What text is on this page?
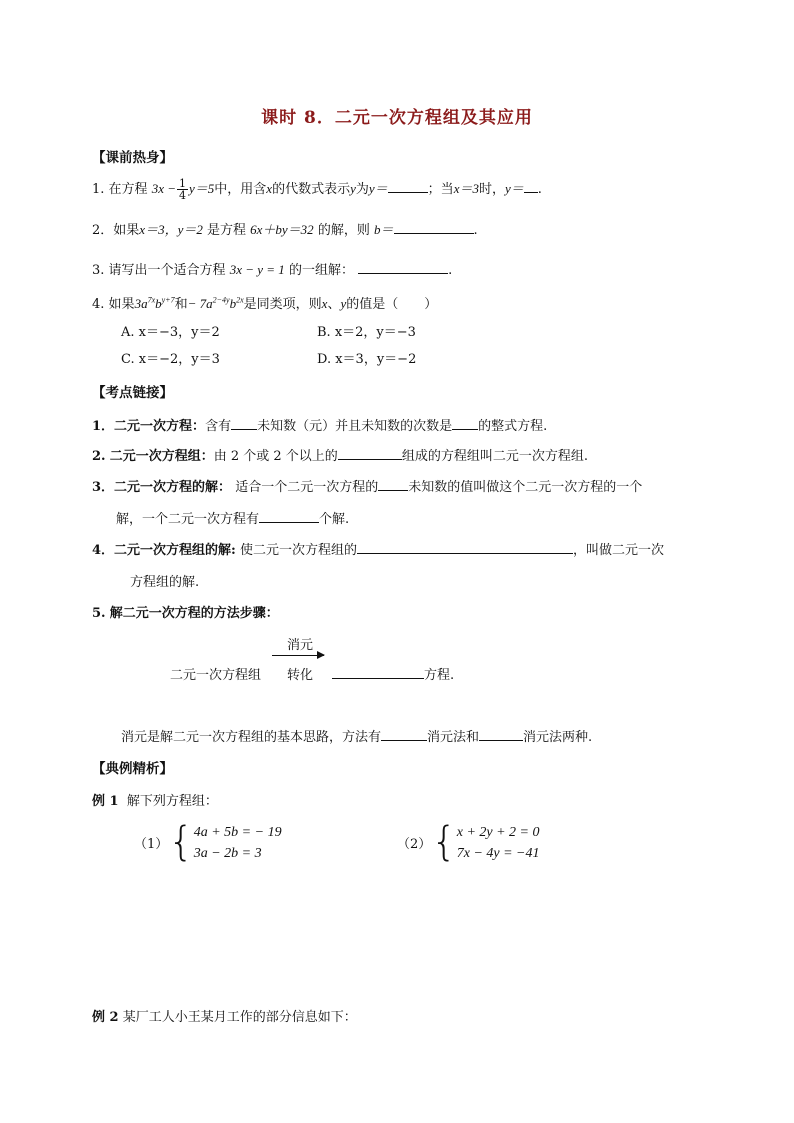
课时 8．二元一次方程组及其应用
【课前热身】
1. 在方程 $3x - \frac{1}{4} y=5$中，用含x的代数式表示y为y＝	；当x＝3时，y＝ .
2．如果x＝3，y＝2 是方程 6x＋by＝32 的解，则 b＝	.
3. 请写出一个适合方程 3x − y = 1 的一组解：	.
4. 如果$3a^{7x}b^{y+7}$和− $7a^{2-4y}b^{2x}$是同类项，则x、y的值是（　　）
A. x＝−3，y＝2	B. x＝2，y＝−3
C. x＝−2，y＝3	D. x＝3，y＝−2
【考点链接】
1．二元一次方程：含有 未知数（元）并且未知数的次数是 的整式方程.
2. 二元一次方程组：由 2 个或 2 个以上的	组成的方程组叫二元一次方程组.
3．二元一次方程的解： 适合一个二元一次方程的 未知数的值叫做这个二元一次方程的一个
解，一个二元一次方程有	个解.
4．二元一次方程组的解: 使二元一次方程组的	，叫做二元一次
方程组的解.
5. 解二元一次方程的方法步骤：
二元一次方程组
消元
转化	方程.
消元是解二元一次方程组的基本思路，方法有	消元法和	消元法两种.
【典例精析】
例 1 解下列方程组：
（1）{ 4a + 5b = − 19
3a − 2b = 3
（2）{ x + 2y + 2 = 0
7x − 4y = −41
例 2 某厂工人小王某月工作的部分信息如下：
